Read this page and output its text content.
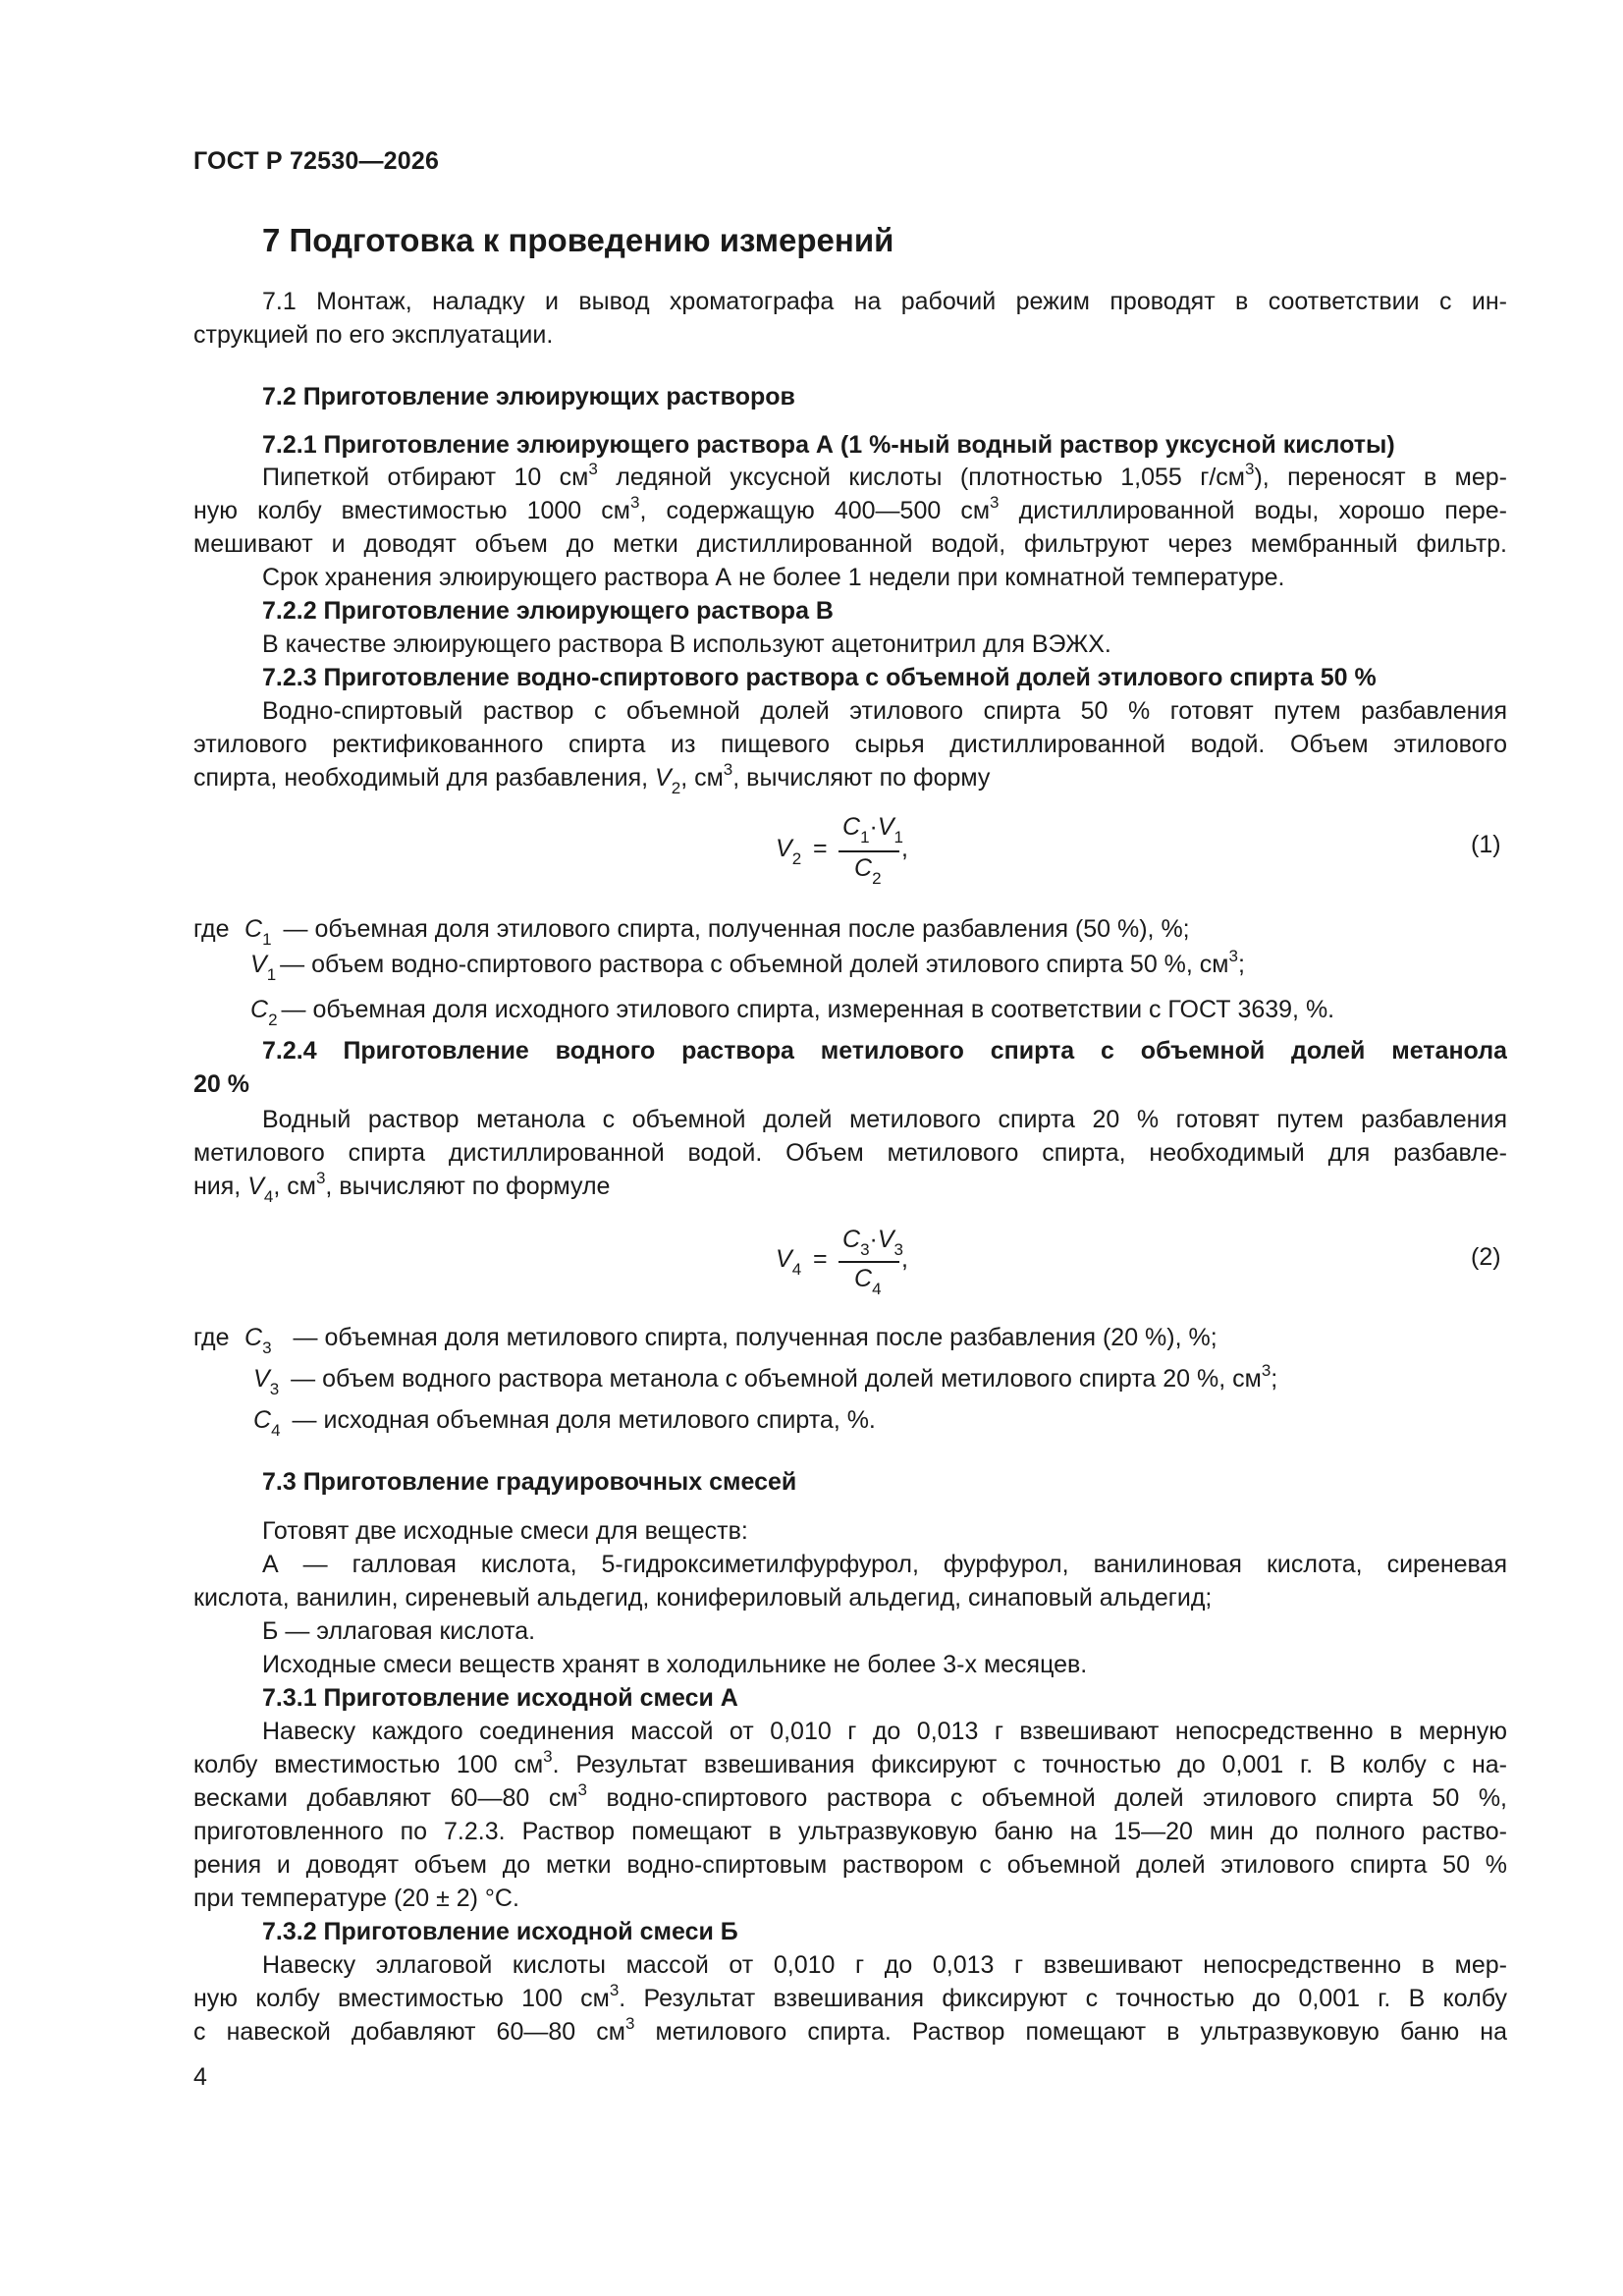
ГОСТ Р 72530—2026
7 Подготовка к проведению измерений
7.1 Монтаж, наладку и вывод хроматографа на рабочий режим проводят в соответствии с ин-
струкцией по его эксплуатации.
7.2 Приготовление элюирующих растворов
7.2.1 Приготовление элюирующего раствора А (1 %-ный водный раствор уксусной кислоты)
Пипеткой отбирают 10 $см^3$ ледяной уксусной кислоты (плотностью 1,055 $г/см^3$), переносят в мер-
ную колбу вместимостью 1000 $см^3$, содержащую 400—500 $см^3$ дистиллированной воды, хорошо пере-
мешивают и доводят объем до метки дистиллированной водой, фильтруют через мембранный фильтр.
Срок хранения элюирующего раствора А не более 1 недели при комнатной температуре.
7.2.2 Приготовление элюирующего раствора В
В качестве элюирующего раствора В используют ацетонитрил для ВЭЖХ.
7.2.3 Приготовление водно-спиртового раствора с объемной долей этилового спирта 50 %
Водно-спиртовый раствор с объемной долей этилового спирта 50 % готовят путем разбавления
этилового ректификованного спирта из пищевого сырья дистиллированной водой. Объем этилового
спирта, необходимый для разбавления, $V_2$, $см^3$, вычисляют по форму
$V_2$ =
$C_1\cdot V_1$
$C_2$
,	(1)
гдеC$_1$ — объемная доля этилового спирта, полученная после разбавления (50 %), %;
$V_1$ — объем водно-спиртового раствора с объемной долей этилового спирта 50 %, $см^3$;
$C_2$ — объемная доля исходного этилового спирта, измеренная в соответствии с ГОСТ 3639, %.
7.2.4 Приготовление водного раствора метилового спирта с объемной долей метанола
20 %
Водный раствор метанола с объемной долей метилового спирта 20 % готовят путем разбавления
метилового спирта дистиллированной водой. Объем метилового спирта, необходимый для разбавле-
ния, $V_4$, $см^3$, вычисляют по формуле
$V_4$ =
$C_3\cdot V_3$
$C_4$
,	(2)
гдеC$_3$ — объемная доля метилового спирта, полученная после разбавления (20 %), %;
$V_3$ — объем водного раствора метанола с объемной долей метилового спирта 20 %, $см^3$;
$C_4$ — исходная объемная доля метилового спирта, %.
7.3 Приготовление градуировочных смесей
Готовят две исходные смеси для веществ:
А — галловая кислота, 5-гидроксиметилфурфурол, фурфурол, ванилиновая кислота, сиреневая
кислота, ванилин, сиреневый альдегид, конифериловый альдегид, синаповый альдегид;
Б — эллаговая кислота.
Исходные смеси веществ хранят в холодильнике не более 3-х месяцев.
7.3.1 Приготовление исходной смеси А
Навеску каждого соединения массой от 0,010 г до 0,013 г взвешивают непосредственно в мерную
колбу вместимостью 100 $см^3$. Результат взвешивания фиксируют с точностью до 0,001 г. В колбу с на-
весками добавляют 60—80 $см^3$ водно-спиртового раствора с объемной долей этилового спирта 50 %,
приготовленного по 7.2.3. Раствор помещают в ультразвуковую баню на 15—20 мин до полного раство-
рения и доводят объем до метки водно-спиртовым раствором с объемной долей этилового спирта 50 %
при температуре (20 ± 2) °С.
7.3.2 Приготовление исходной смеси Б
Навеску эллаговой кислоты массой от 0,010 г до 0,013 г взвешивают непосредственно в мер-
ную колбу вместимостью 100 $см^3$. Результат взвешивания фиксируют с точностью до 0,001 г. В колбу
с навеской добавляют 60—80 $см^3$ метилового спирта. Раствор помещают в ультразвуковую баню на
4
